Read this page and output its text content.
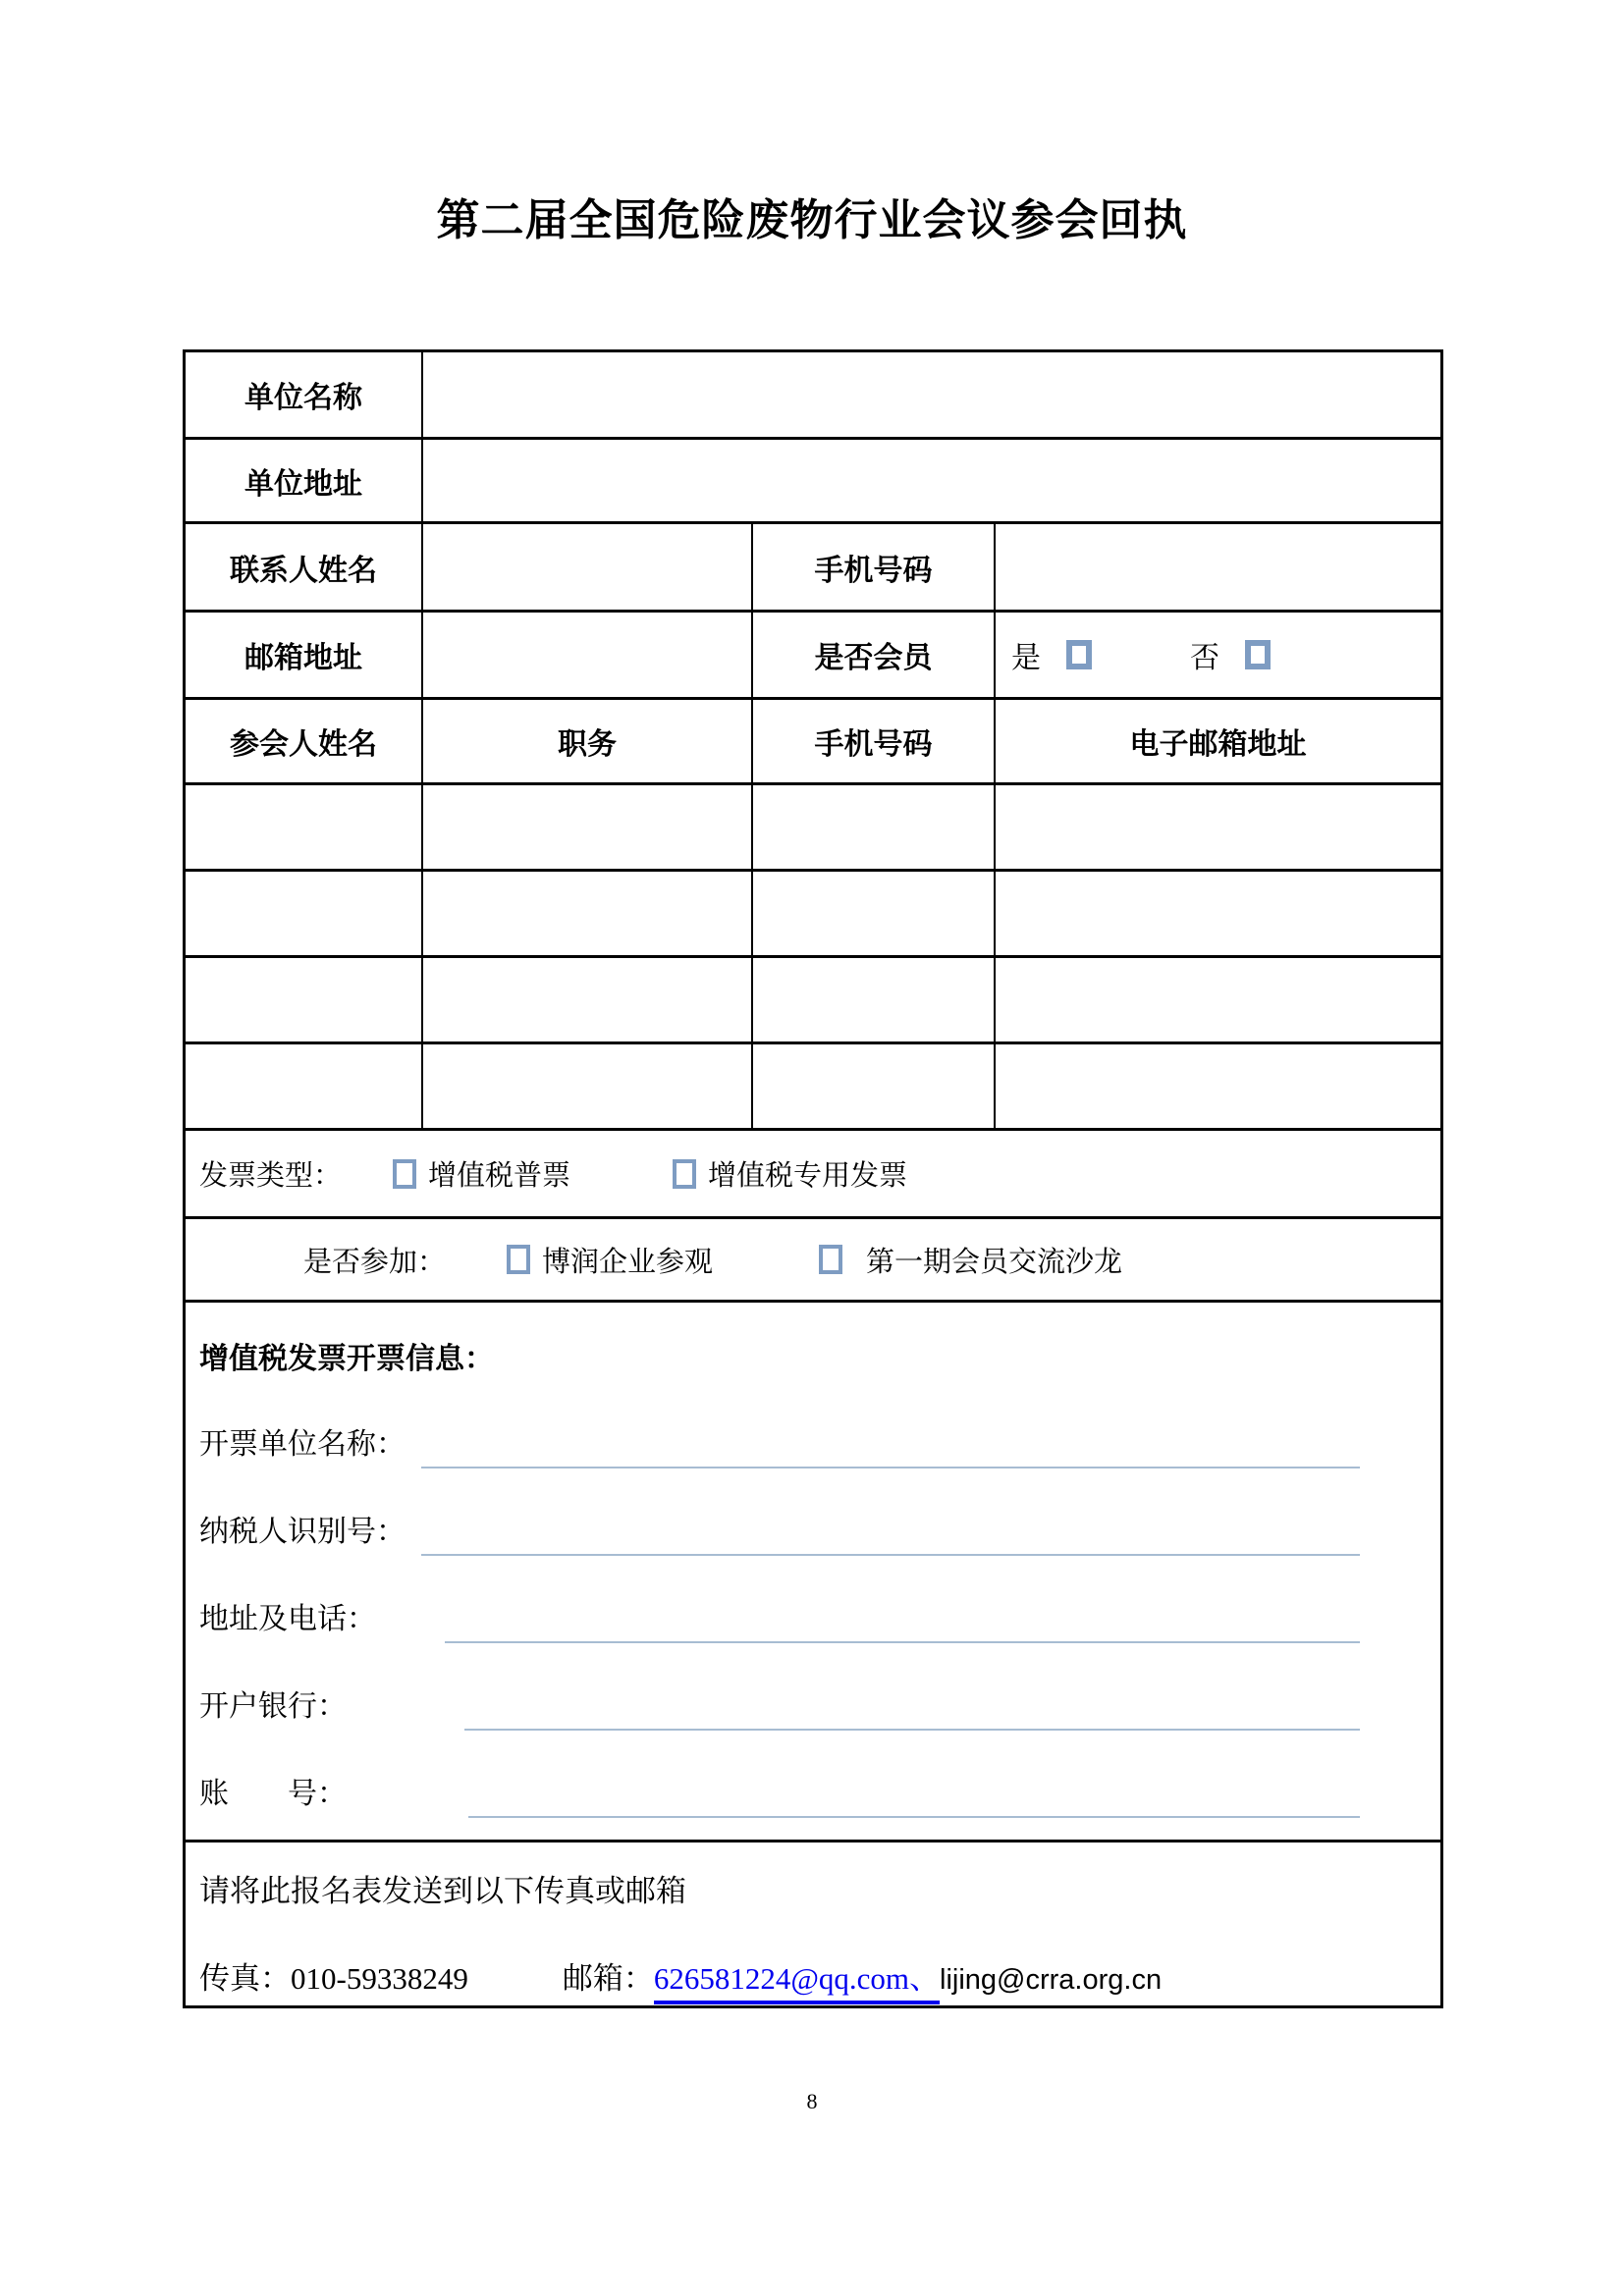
第二届全国危险废物行业会议参会回执
单位名称
单位地址
联系人姓名	手机号码
邮箱地址	是否会员	是	否
参会人姓名	职务	手机号码	电子邮箱地址
发票类型：	增值税普票	增值税专用发票
是否参加：	博润企业参观	第一期会员交流沙龙
增值税发票开票信息：
开票单位名称：
纳税人识别号：
地址及电话：
开户银行：
账　　号：
请将此报名表发送到以下传真或邮箱
传真： 010-59338249	邮箱： 626581224@qq.com、 lijing@crra.org.cn
8
